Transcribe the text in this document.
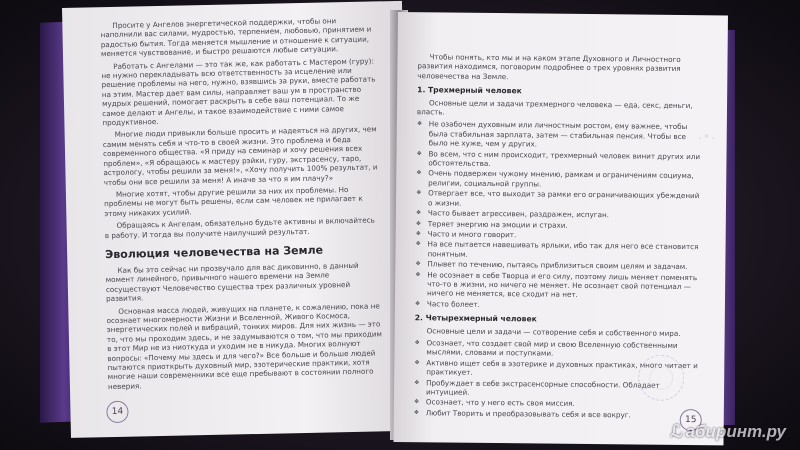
Просите у Ангелов энергетической поддержки, чтобы они наполнили вас силами, мудростью, терпением, любовью, принятием и радостью бытия. Тогда меняется мышление и отношение к ситуации, меняется чувствование, и быстро решаются любые ситуации.

Работать с Ангелами — это так же, как работать с Мастером (гуру): не нужно перекладывать всю ответственность за исцеление или решение проблемы на него, нужно, взявшись за руки, вместе работать на этим. Мастер дает вам силы, направляет ваш ум в пространство мудрых решений, помогает раскрыть в себе ваш потенциал. То же самое делают и Ангелы, и такое взаимодействие с ними самое продуктивное.

Многие люди привыкли больше просить и надеяться на других, чем самим менять себя и что-то в своей жизни. Это проблема и беда современного общества. «Я приду на семинар и хочу решения всех проблем», «Я обращаюсь к мастеру рэйки, гуру, экстрасенсу, таро, астрологу, чтобы решили за меня!», «Хочу получить 100% результат, и чтобы они все решили за меня! А иначе за что я им плачу?»

Многие хотят, чтобы другие решили за них их проблемы. Но проблемы не могут быть решены, если сам человек не прилагает к этому никаких усилий.

Обращаясь к Ангелам, обязательно будьте активны и включайтесь в работу. И тогда вы получите наилучший результат.

Эволюция человечества на Земле

Как бы это сейчас ни прозвучало для вас диковинно, в данный момент линейного, привычного нашего времени на Земле сосуществуют Человечество существа трех различных уровней развития.

Основная масса людей, живущих на планете, к сожалению, пока не осознает многомерности Жизни и Вселенной, Живого Космоса, энергетических полей и вибраций, тонких миров. Для них жизнь — это то, что мы проходим здесь, и не задумываются о том, что мы приходим в этот Мир не из ниоткуда и уходим не в никуда. Многих волнуют вопросы: «Почему мы здесь и для чего?» Все больше и больше людей пытаются приоткрыть духовный мир, эзотерические практики, хотя многие наши современники все еще пребывают в состоянии полного неверия.

14

Чтобы понять, кто мы и на каком этапе Духовного и Личностного развития находимся, поговорим подробнее о трех уровнях развития человечества на Земле.

1. Трехмерный человек

Основные цели и задачи трехмерного человека — еда, секс, деньги, власть.

❖ Не озабочен духовным или личностным ростом, ему важнее, чтобы была стабильная зарплата, затем — стабильная пенсия. Чтобы все было не хуже, чем у других.
❖ Во всем, что с ним происходит, трехмерный человек винит других или обстоятельства.
❖ Очень подвержен чужому мнению, рамкам и ограничениям социума, религии, социальной группы.
❖ Отвергает все, что выходит за рамки его ограничивающих убеждений о жизни.
❖ Часто бывает агрессивен, раздражен, испуган.
❖ Теряет энергию на эмоции и страхи.
❖ Часто и много говорит.
❖ На все пытается навешивать ярлыки, ибо так для него все становится понятным.
❖ Плывет по течению, пытаясь приблизиться своим целям и задачам.
❖ Не осознает в себе Творца и его силу, поэтому лишь меняет поменять что-то в жизни, но ничего не меняет. Не осознает свой потенциал — ничего не меняется, все сходит на нет.
❖ Часто болеет.
2. Четырехмерный человек

Основные цели и задачи — сотворение себя и собственного мира.

❖ Осознает, что создает свой мир и свою Вселенную собственными мыслями, словами и поступками.
❖ Активно ищет себя в эзотерике и духовных практиках, много читает и практикует.
❖ Пробуждает в себе экстрасенсорные способности. Обладает интуицией.
❖ Осознает, что у него есть своя миссия.
❖ Любит Творить и преобразовывать себя и все вокруг.
· ° ·
15
ℒ абиринт.ру
